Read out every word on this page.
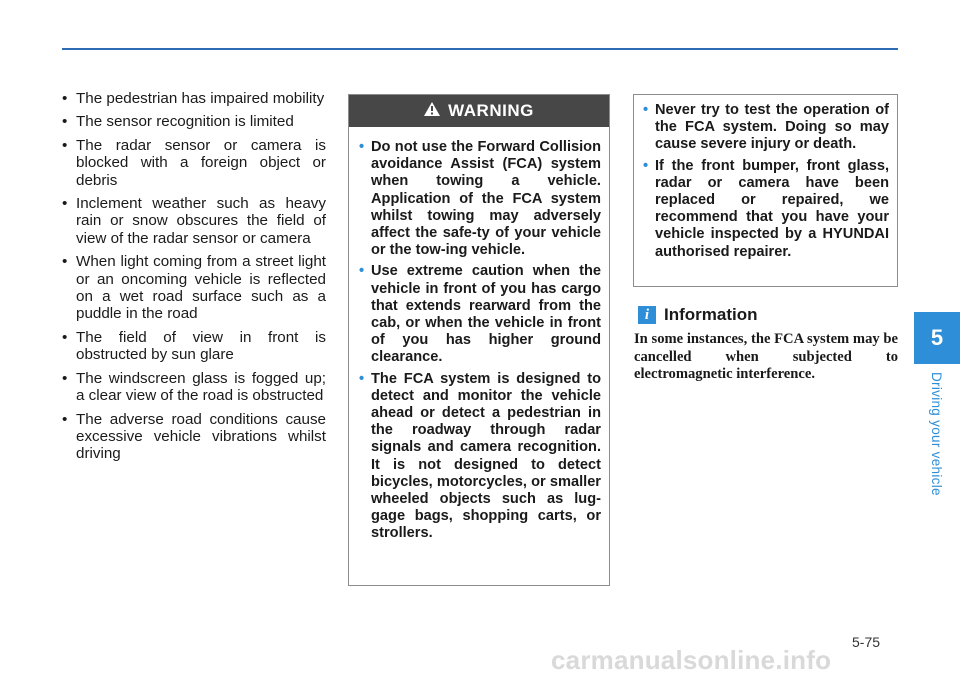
• The pedestrian has impaired mobility
• The sensor recognition is limited
• The radar sensor or camera is blocked with a foreign object or debris
• Inclement weather such as heavy rain or snow obscures the field of view of the radar sensor or camera
• When light coming from a street light or an oncoming vehicle is reflected on a wet road surface such as a puddle in the road
• The field of view in front is obstructed by sun glare
• The windscreen glass is fogged up; a clear view of the road is obstructed
• The adverse road conditions cause excessive vehicle vibrations whilst driving
WARNING
• Do not use the Forward Collision avoidance Assist (FCA) system when towing a vehicle. Application of the FCA system whilst towing may adversely affect the safe-ty of your vehicle or the tow-ing vehicle.
• Use extreme caution when the vehicle in front of you has cargo that extends rearward from the cab, or when the vehicle in front of you has higher ground clearance.
• The FCA system is designed to detect and monitor the vehicle ahead or detect a pedestrian in the roadway through radar signals and camera recognition. It is not designed to detect bicycles, motorcycles, or smaller wheeled objects such as lug-gage bags, shopping carts, or strollers.
• Never try to test the operation of the FCA system. Doing so may cause severe injury or death.
• If the front bumper, front glass, radar or camera have been replaced or repaired, we recommend that you have your vehicle inspected by a HYUNDAI authorised repairer.
i Information
In some instances, the FCA system may be cancelled when subjected to electromagnetic interference.
5
Driving your vehicle
5-75
carmanualsonline.info
